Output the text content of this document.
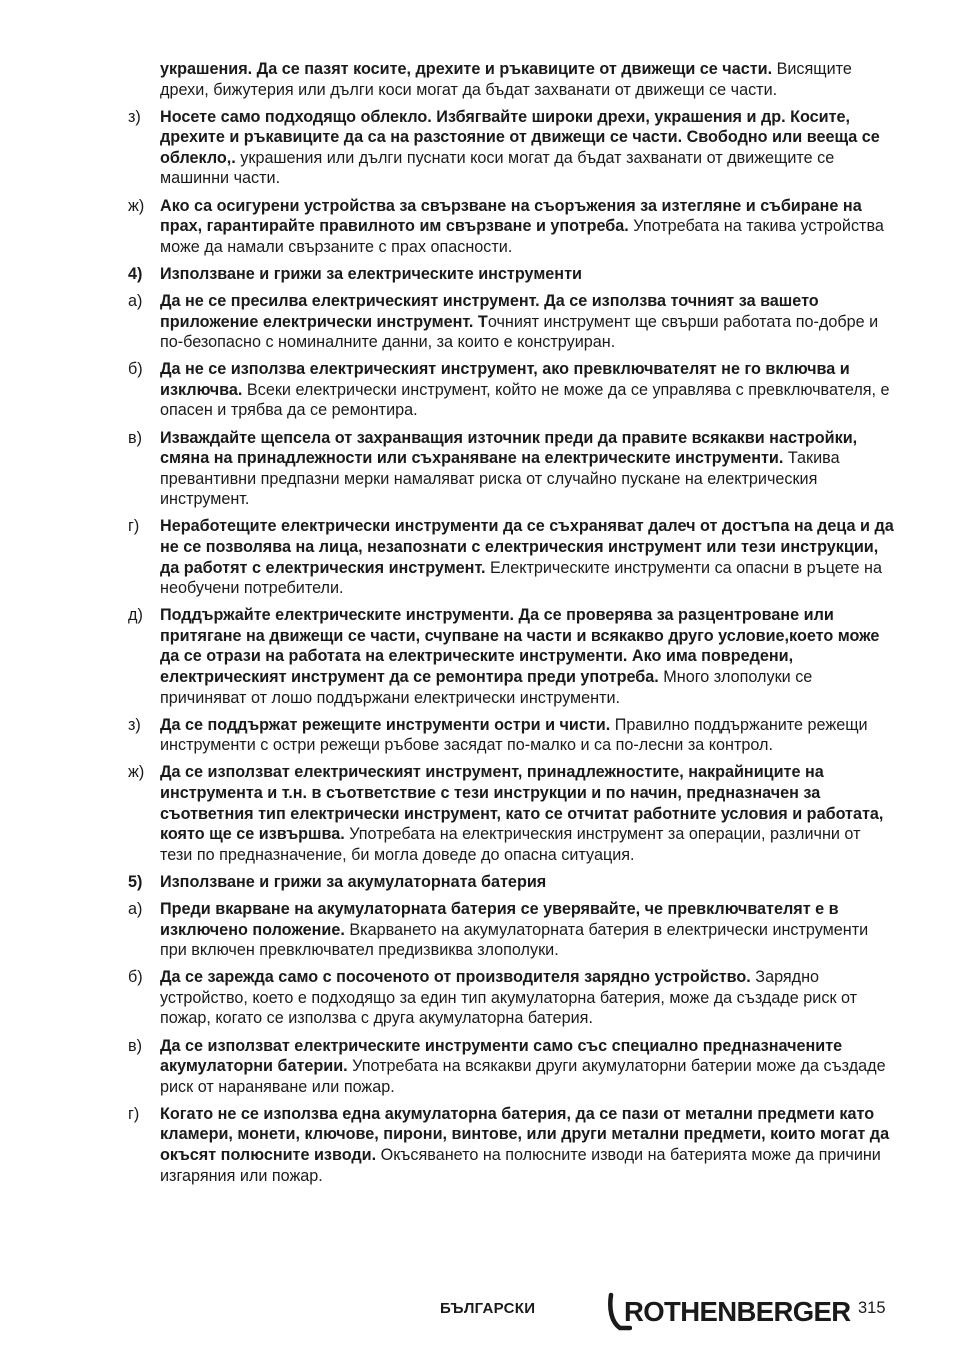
украшения. Да се пазят косите, дрехите и ръкавиците от движещи се части. Висящите дрехи, бижутерия или дълги коси могат да бъдат захванати от движещи се части.
з) Носете само подходящо облекло. Избягвайте широки дрехи, украшения и др. Косите, дрехите и ръкавиците да са на разстояние от движещи се части. Свободно или вееща се облекло,. украшения или дълги пуснати коси могат да бъдат захванати от движещите се машинни части.
ж) Ако са осигурени устройства за свързване на съоръжения за изтегляне и събиране на прах, гарантирайте правилното им свързване и употреба. Употребата на такива устройства може да намали свързаните с прах опасности.
4) Използване и грижи за електрическите инструменти
а) Да не се пресилва електрическият инструмент. Да се използва точният за вашето приложение електрически инструмент. Точният инструмент ще свърши работата по-добре и по-безопасно с номиналните данни, за които е конструиран.
б) Да не се използва електрическият инструмент, ако превключвателят не го включва и изключва. Всеки електрически инструмент, който не може да се управлява с превключвателя, е опасен и трябва да се ремонтира.
в) Изваждайте щепсела от захранващия източник преди да правите всякакви настройки, смяна на принадлежности или съхраняване на електрическите инструменти. Такива превантивни предпазни мерки намаляват риска от случайно пускане на електрическия инструмент.
г) Неработещите електрически инструменти да се съхраняват далеч от достъпа на деца и да не се позволява на лица, незапознати с електрическия инструмент или тези инструкции, да работят с електрическия инструмент. Електрическите инструменти са опасни в ръцете на необучени потребители.
д) Поддържайте електрическите инструменти. Да се проверява за разцентроване или притягане на движещи се части, счупване на части и всякакво друго условие,което може да се отрази на работата на електрическите инструменти. Ако има повредени, електрическият инструмент да се ремонтира преди употреба. Много злополуки се причиняват от лошо поддържани електрически инструменти.
з) Да се поддържат режещите инструменти остри и чисти. Правилно поддържаните режещи инструменти с остри режещи ръбове засядат по-малко и са по-лесни за контрол.
ж) Да се използват електрическият инструмент, принадлежностите, накрайниците на инструмента и т.н. в съответствие с тези инструкции и по начин, предназначен за съответния тип електрически инструмент, като се отчитат работните условия и работата, която ще се извършва. Употребата на електрическия инструмент за операции, различни от тези по предназначение, би могла доведе до опасна ситуация.
5) Използване и грижи за акумулаторната батерия
а) Преди вкарване на акумулаторната батерия се уверявайте, че превключвателят е в изключено положение. Вкарването на акумулаторната батерия в електрически инструменти при включен превключвател предизвиква злополуки.
б) Да се зарежда само с посоченото от производителя зарядно устройство. Зарядно устройство, което е подходящо за един тип акумулаторна батерия, може да създаде риск от пожар, когато се използва с друга акумулаторна батерия.
в) Да се използват електрическите инструменти само със специално предназначените акумулаторни батерии. Употребата на всякакви други акумулаторни батерии може да създаде риск от нараняване или пожар.
г) Когато не се използва една акумулаторна батерия, да се пази от метални предмети като кламери, монети, ключове, пирони, винтове, или други метални предмети, които могат да окъсят полюсните изводи. Окъсяването на полюсните изводи на батерията може да причини изгаряния или пожар.
БЪЛГАРСКИ	ROTHENBERGER 315
